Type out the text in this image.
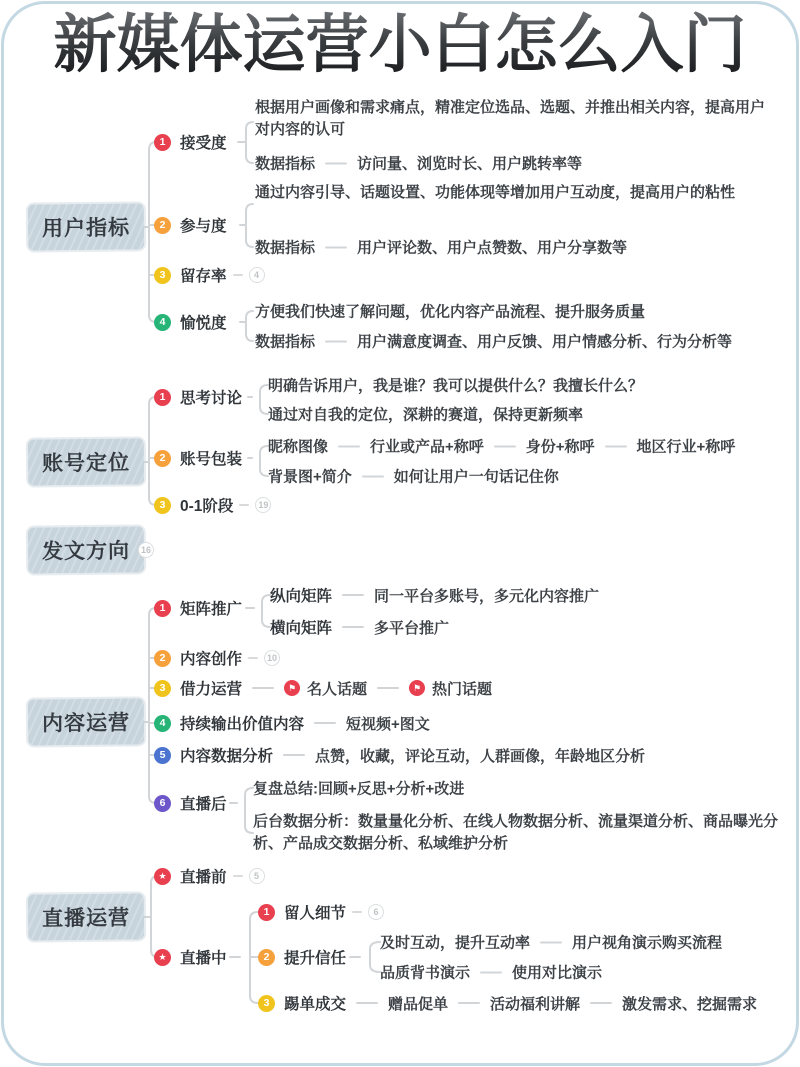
新媒体运营小白怎么入门
用户指标
根据用户画像和需求痛点，精准定位选品、选题、并推出相关内容，提高用户对内容的认可
1 接受度
数据指标	访问量、浏览时长、用户跳转率等
通过内容引导、话题设置、功能体现等增加用户互动度，提高用户的粘性
2 参与度
数据指标	用户评论数、用户点赞数、用户分享数等
3 留存率	4
方便我们快速了解问题，优化内容产品流程、提升服务质量
4 愉悦度
数据指标	用户满意度调查、用户反馈、用户情感分析、行为分析等
账号定位
明确告诉用户，我是谁？我可以提供什么？我擅长什么？
1 思考讨论
通过对自我的定位，深耕的赛道，保持更新频率
昵称图像	行业或产品+称呼	身份+称呼	地区行业+称呼
2 账号包装
背景图+简介	如何让用户一句话记住你
3 0-1阶段	19
发文方向	16
内容运营
纵向矩阵	同一平台多账号，多元化内容推广
1 矩阵推广
横向矩阵	多平台推广
2 内容创作	10
3 借力运营	⚑ 名人话题	⚑ 热门话题
4 持续输出价值内容	短视频+图文
5 内容数据分析	点赞，收藏，评论互动，人群画像，年龄地区分析
复盘总结:回顾+反思+分析+改进
6 直播后
后台数据分析：数量量化分析、在线人物数据分析、流量渠道分析、商品曝光分析、产品成交数据分析、私域维护分析
直播运营
★ 直播前	5
1 留人细节	6
★ 直播中
及时互动，提升互动率	用户视角演示购买流程
2 提升信任
品质背书演示	使用对比演示
3 踢单成交	赠品促单	活动福利讲解	激发需求、挖掘需求
